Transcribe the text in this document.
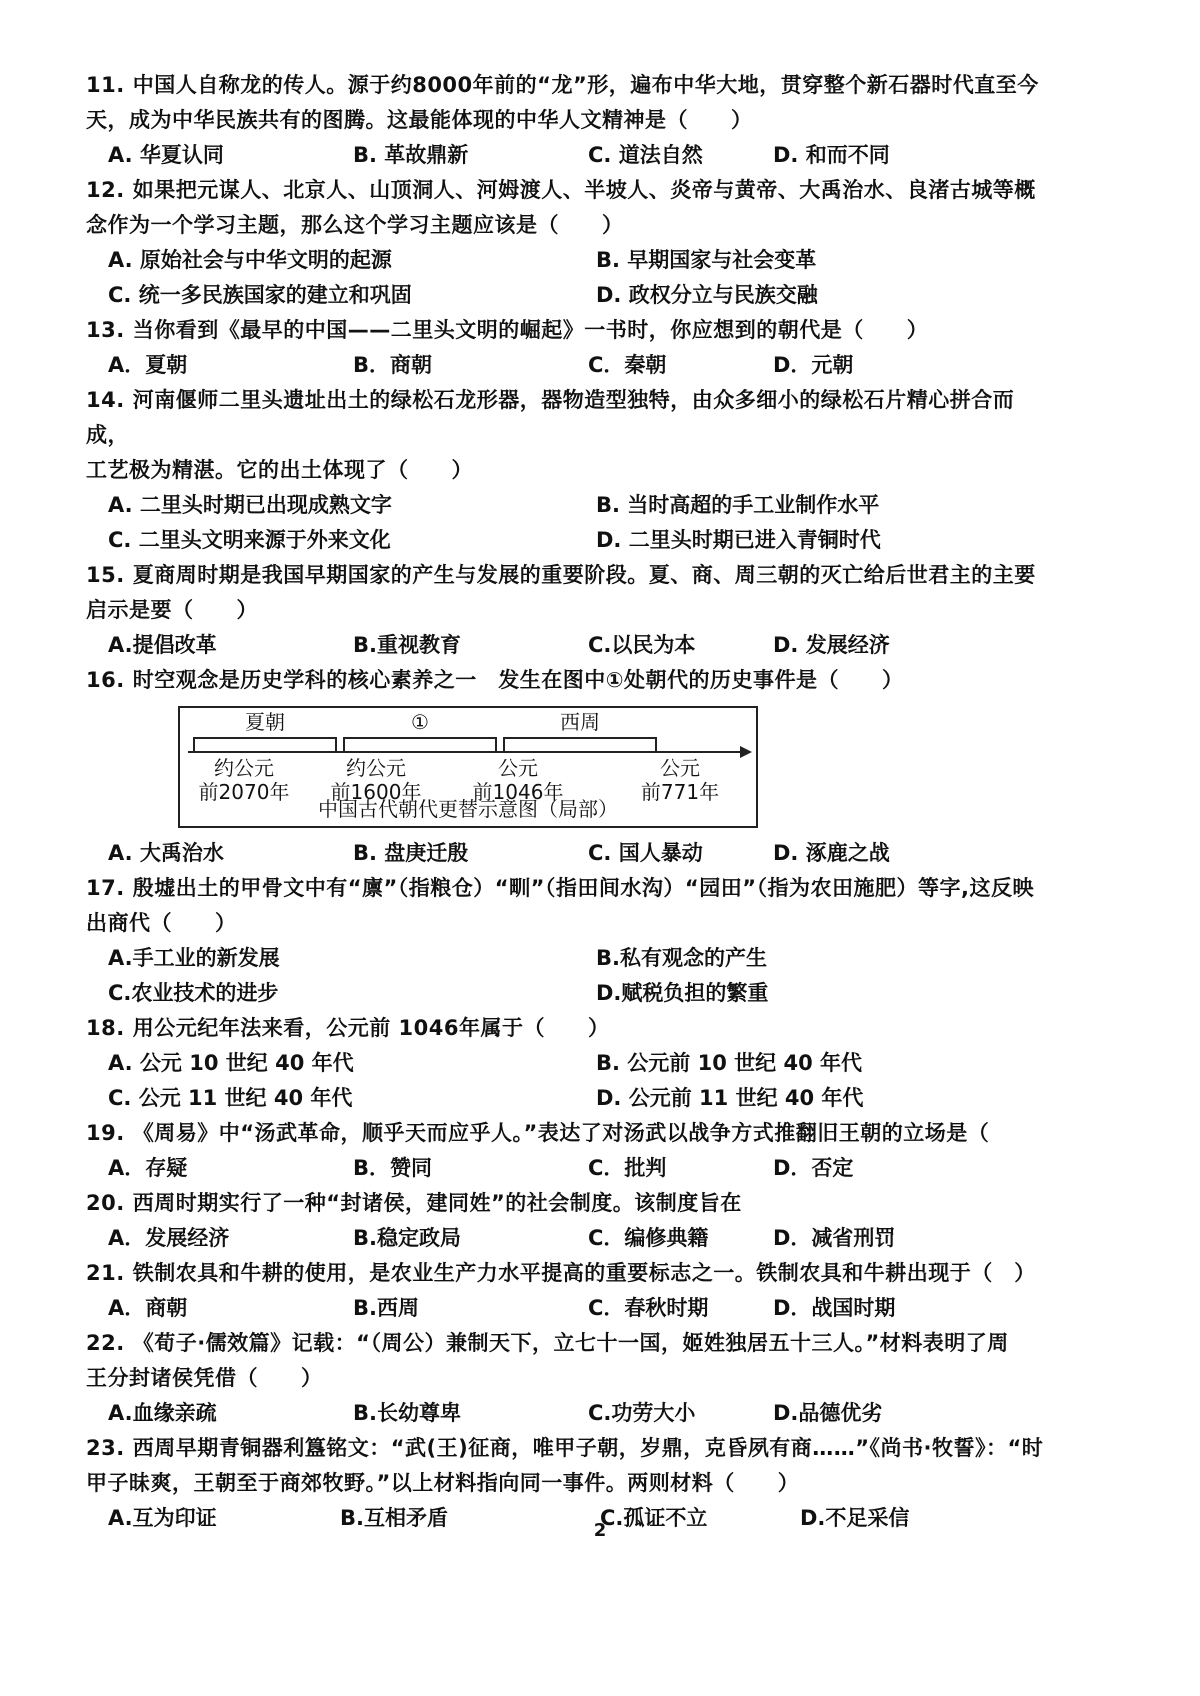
11. 中国人自称龙的传人。源于约8000年前的“龙”形，遍布中华大地，贯穿整个新石器时代直至今

天，成为中华民族共有的图腾。这最能体现的中华人文精神是（　　）

A. 华夏认同	B. 革故鼎新	C. 道法自然	D. 和而不同

12. 如果把元谋人、北京人、山顶洞人、河姆渡人、半坡人、炎帝与黄帝、大禹治水、良渚古城等概

念作为一个学习主题，那么这个学习主题应该是（　　）

A. 原始社会与中华文明的起源	B. 早期国家与社会变革
C. 统一多民族国家的建立和巩固	D. 政权分立与民族交融

13. 当你看到《最早的中国——二里头文明的崛起》一书时，你应想到的朝代是（　　）

A．夏朝	B．商朝	C．秦朝	D．元朝

14. 河南偃师二里头遗址出土的绿松石龙形器，器物造型独特，由众多细小的绿松石片精心拼合而成，

工艺极为精湛。它的出土体现了（　　）

A. 二里头时期已出现成熟文字	B. 当时高超的手工业制作水平
C. 二里头文明来源于外来文化	D. 二里头时期已进入青铜时代

15. 夏商周时期是我国早期国家的产生与发展的重要阶段。夏、商、周三朝的灭亡给后世君主的主要

启示是要（　　）

A.提倡改革	B.重视教育	C.以民为本	D. 发展经济

16. 时空观念是历史学科的核心素养之一　发生在图中①处朝代的历史事件是（　　）

夏朝	①	西周
约公元
前2070年
约公元
前1600年
公元
前1046年
公元
前771年
中国古代朝代更替示意图（局部）
A. 大禹治水	B. 盘庚迁殷	C. 国人暴动	D. 涿鹿之战

17. 殷墟出土的甲骨文中有“廪”（指粮仓）“甽”（指田间水沟）“园田”（指为农田施肥）等字,这反映

出商代（　　）

A.手工业的新发展	B.私有观念的产生
C.农业技术的进步	D.赋税负担的繁重

18. 用公元纪年法来看，公元前 1046年属于（　　）

A. 公元 10 世纪 40 年代	B. 公元前 10 世纪 40 年代
C. 公元 11 世纪 40 年代	D. 公元前 11 世纪 40 年代

19. 《周易》中“汤武革命，顺乎天而应乎人。”表达了对汤武以战争方式推翻旧王朝的立场是（

A．存疑	B．赞同	C．批判	D．否定

20. 西周时期实行了一种“封诸侯，建同姓”的社会制度。该制度旨在

A．发展经济	B.稳定政局	C．编修典籍	D．减省刑罚

21. 铁制农具和牛耕的使用，是农业生产力水平提高的重要标志之一。铁制农具和牛耕出现于（　）

A．商朝	B.西周	C．春秋时期	D．战国时期

22. 《荀子·儒效篇》记载：“（周公）兼制天下，立七十一国，姬姓独居五十三人。”材料表明了周

王分封诸侯凭借（　　）

A.血缘亲疏	B.长幼尊卑	C.功劳大小	D.品德优劣

23. 西周早期青铜器利簋铭文：“武(王)征商，唯甲子朝，岁鼎，克昏夙有商……”《尚书·牧誓》：“时

甲子昧爽，王朝至于商郊牧野。”以上材料指向同一事件。两则材料（　　）

A.互为印证	B.互相矛盾	C.孤证不立	D.不足采信
2
